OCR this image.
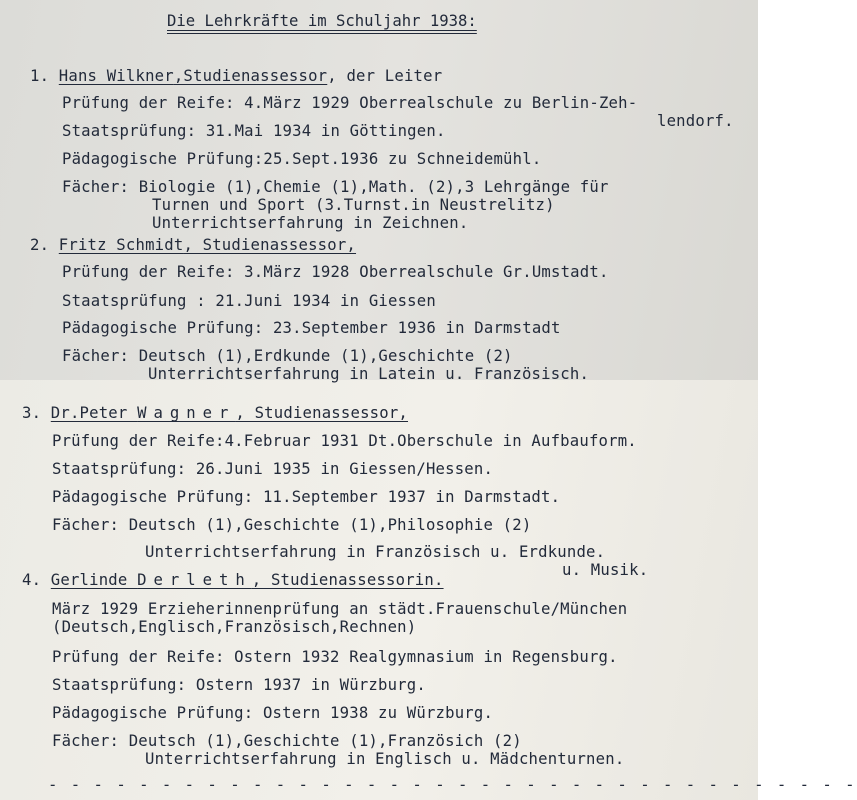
Die Lehrkräfte im Schuljahr 1938:
1. Hans Wilkner,Studienassessor, der Leiter
Prüfung der Reife: 4.März 1929 Oberrealschule zu Berlin-Zeh-
lendorf.
Staatsprüfung: 31.Mai 1934 in Göttingen.
Pädagogische Prüfung:25.Sept.1936 zu Schneidemühl.
Fächer: Biologie (1),Chemie (1),Math. (2),3 Lehrgänge für
Turnen und Sport (3.Turnst.in Neustrelitz)
Unterrichtserfahrung in Zeichnen.
2. Fritz Schmidt, Studienassessor,
Prüfung der Reife: 3.März 1928 Oberrealschule Gr.Umstadt.
Staatsprüfung : 21.Juni 1934 in Giessen
Pädagogische Prüfung: 23.September 1936 in Darmstadt
Fächer: Deutsch (1),Erdkunde (1),Geschichte (2)
Unterrichtserfahrung in Latein u. Französisch.
3. Dr.Peter Wagner, Studienassessor,
Prüfung der Reife:4.Februar 1931 Dt.Oberschule in Aufbauform.
Staatsprüfung: 26.Juni 1935 in Giessen/Hessen.
Pädagogische Prüfung: 11.September 1937 in Darmstadt.
Fächer: Deutsch (1),Geschichte (1),Philosophie (2)
Unterrichtserfahrung in Französisch u. Erdkunde.
u. Musik.
4. Gerlinde Derleth, Studienassessorin.
März 1929 Erzieherinnenprüfung an städt.Frauenschule/München
(Deutsch,Englisch,Französisch,Rechnen)
Prüfung der Reife: Ostern 1932 Realgymnasium in Regensburg.
Staatsprüfung: Ostern 1937 in Würzburg.
Pädagogische Prüfung: Ostern 1938 zu Würzburg.
Fächer: Deutsch (1),Geschichte (1),Französich (2)
Unterrichtserfahrung in Englisch u. Mädchenturnen.
- - - - - - - - - - - - - - - - - - - - - - - - - - - - - - - - - - - -
